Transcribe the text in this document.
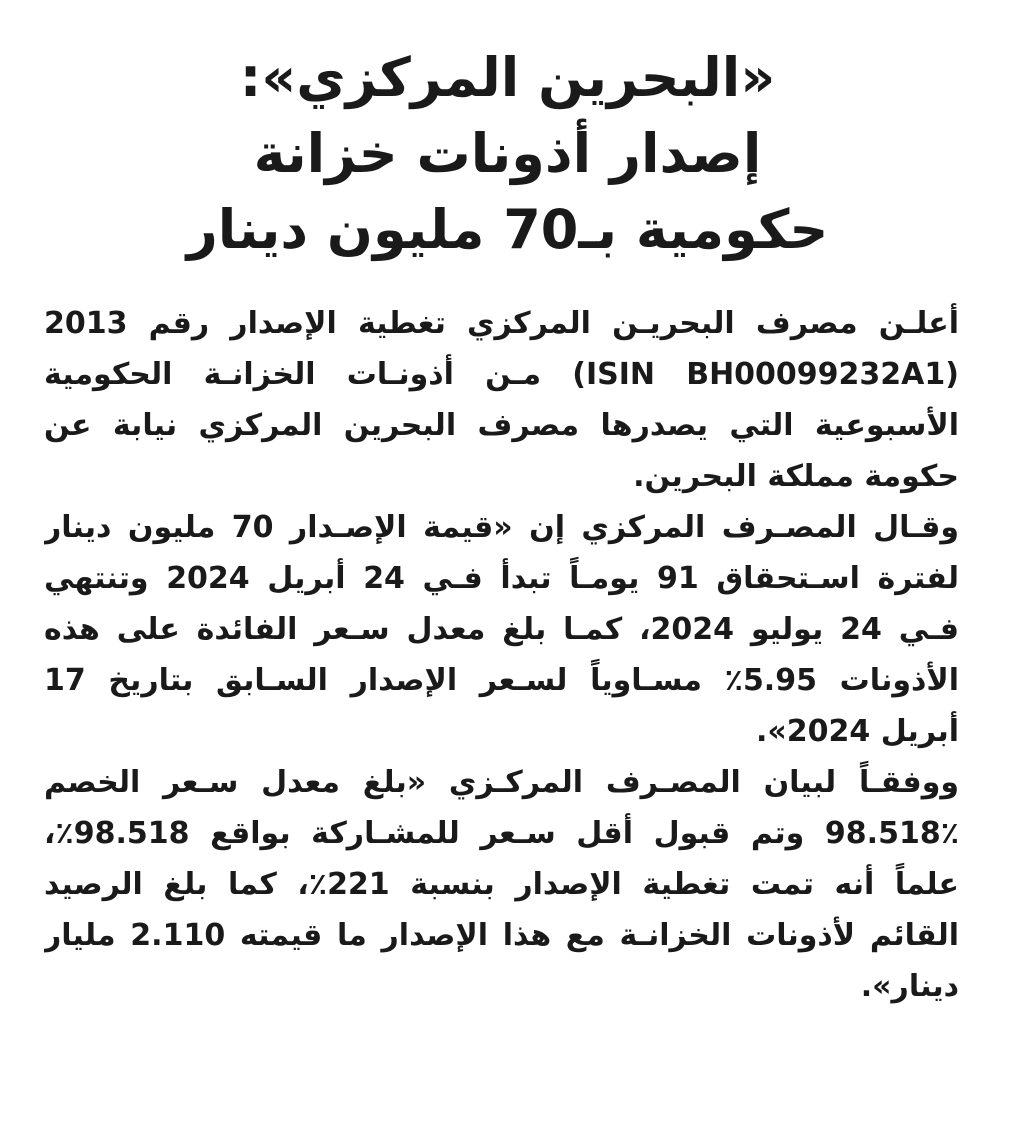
«البحرين المركزي»:
إصدار أذونات خزانة
حكومية بـ70 مليون دينار
أعلـن مصرف البحريـن المركزي تغطية الإصدار رقم 2013
(ISIN BH00099232A1) مـن أذونـات الخزانـة الحكومية
الأسبوعية التي يصدرها مصرف البحرين المركزي نيابة عن
حكومة مملكة البحرين.
وقـال المصـرف المركزي إن «قيمة الإصـدار 70 مليون دينار
لفترة اسـتحقاق 91 يومـاً تبدأ فـي 24 أبريل 2024 وتنتهي
فـي 24 يوليو 2024، كمـا بلغ معدل سـعر الفائدة على هذه
الأذونات 5.95٪ مسـاوياً لسـعر الإصدار السـابق بتاريخ 17
أبريل 2024».
ووفقـاً لبيان المصـرف المركـزي «بلغ معدل سـعر الخصم
98.518٪ وتم قبول أقل سـعر للمشـاركة بواقع 98.518٪،
علماً أنه تمت تغطية الإصدار بنسبة 221٪، كما بلغ الرصيد
القائم لأذونات الخزانـة مع هذا الإصدار ما قيمته 2.110 مليار
دينار».
